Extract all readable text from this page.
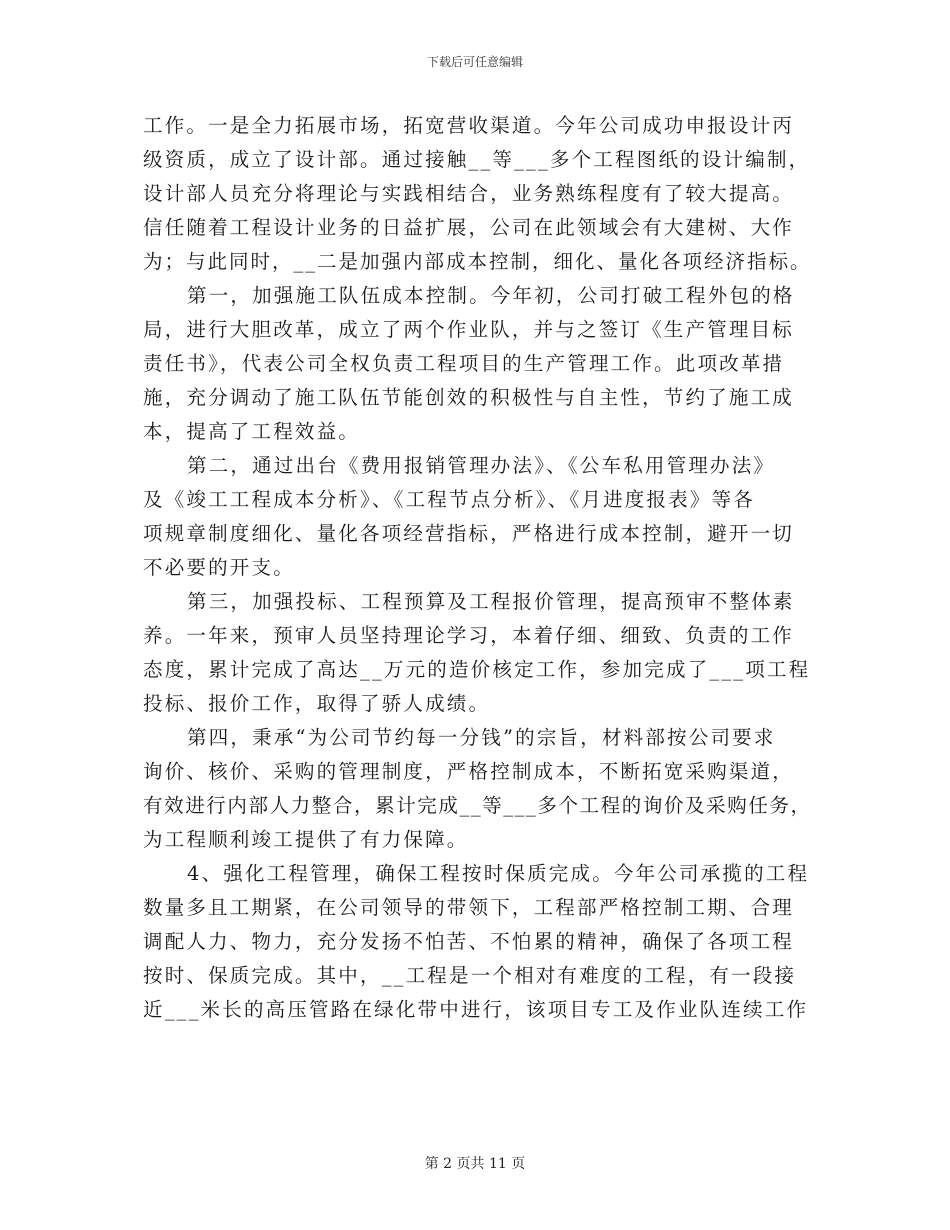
下载后可任意编辑
工作。一是全力拓展市场，拓宽营收渠道。今年公司成功申报设计丙
级资质，成立了设计部。通过接触__等___多个工程图纸的设计编制，
设计部人员充分将理论与实践相结合，业务熟练程度有了较大提高。
信任随着工程设计业务的日益扩展，公司在此领域会有大建树、大作
为；与此同时，__二是加强内部成本控制，细化、量化各项经济指标。
第一，加强施工队伍成本控制。今年初，公司打破工程外包的格
局，进行大胆改革，成立了两个作业队，并与之签订《生产管理目标
责任书》，代表公司全权负责工程项目的生产管理工作。此项改革措
施，充分调动了施工队伍节能创效的积极性与自主性，节约了施工成
本，提高了工程效益。
第二，通过出台《费用报销管理办法》、《公车私用管理办法》
及《竣工工程成本分析》、《工程节点分析》、《月进度报表》等各
项规章制度细化、量化各项经营指标，严格进行成本控制，避开一切
不必要的开支。
第三，加强投标、工程预算及工程报价管理，提高预审不整体素
养。一年来，预审人员坚持理论学习，本着仔细、细致、负责的工作
态度，累计完成了高达__万元的造价核定工作，参加完成了___项工程
投标、报价工作，取得了骄人成绩。
第四，秉承“为公司节约每一分钱”的宗旨，材料部按公司要求
询价、核价、采购的管理制度，严格控制成本，不断拓宽采购渠道，
有效进行内部人力整合，累计完成__等___多个工程的询价及采购任务，
为工程顺利竣工提供了有力保障。
4、强化工程管理，确保工程按时保质完成。今年公司承揽的工程
数量多且工期紧，在公司领导的带领下，工程部严格控制工期、合理
调配人力、物力，充分发扬不怕苦、不怕累的精神，确保了各项工程
按时、保质完成。其中，__工程是一个相对有难度的工程，有一段接
近___米长的高压管路在绿化带中进行，该项目专工及作业队连续工作
第 2 页共 11 页
